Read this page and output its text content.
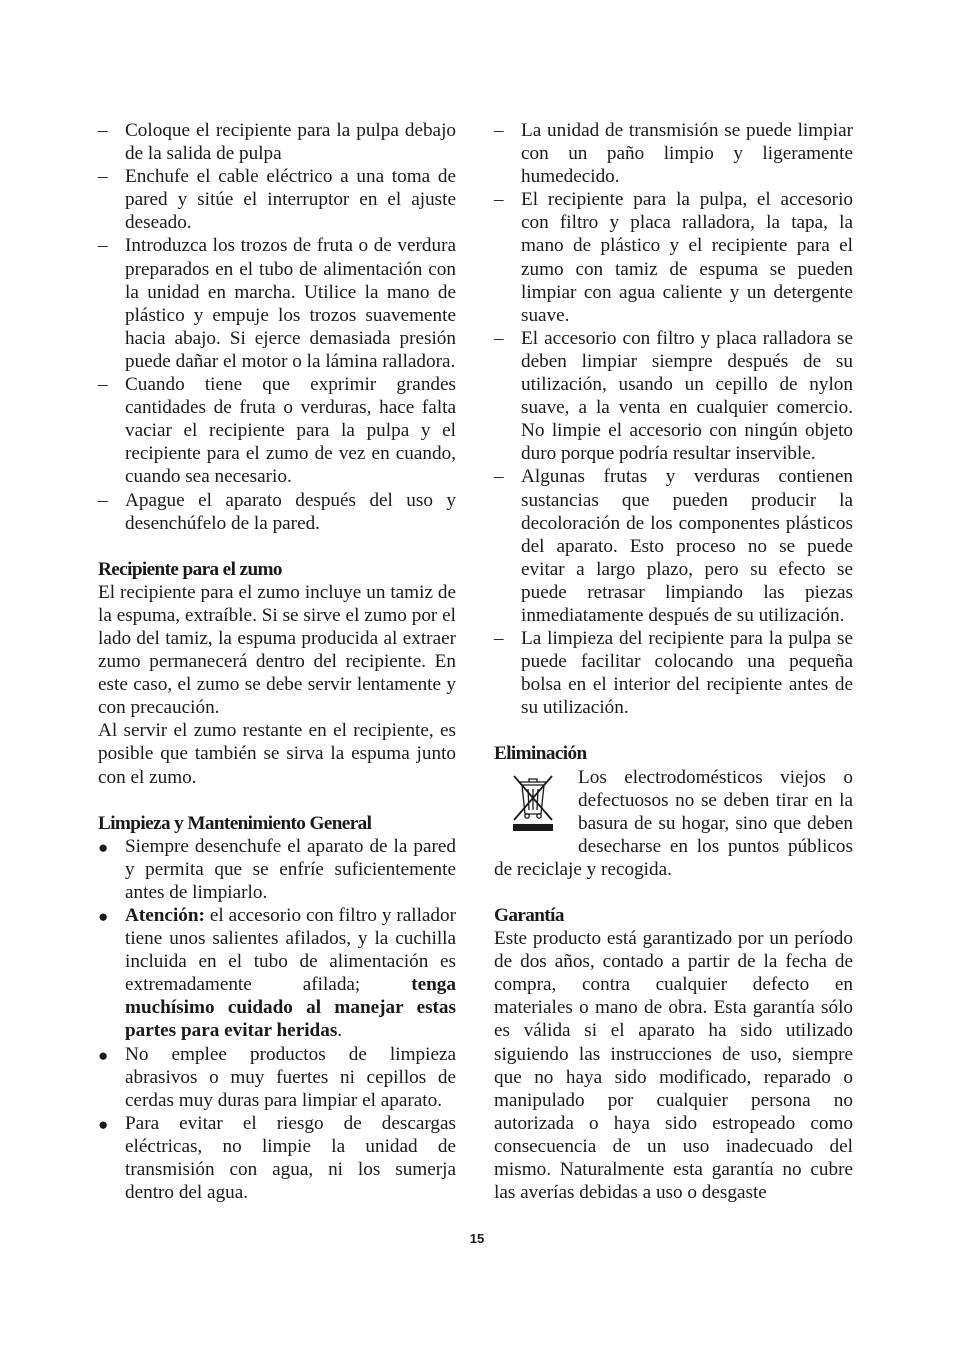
– Coloque el recipiente para la pulpa debajo de la salida de pulpa
– Enchufe el cable eléctrico a una toma de pared y sitúe el interruptor en el ajuste deseado.
– Introduzca los trozos de fruta o de verdura preparados en el tubo de alimentación con la unidad en marcha. Utilice la mano de plástico y empuje los trozos suavemente hacia abajo. Si ejerce demasiada presión puede dañar el motor o la lámina ralladora.
– Cuando tiene que exprimir grandes cantidades de fruta o verduras, hace falta vaciar el recipiente para la pulpa y el recipiente para el zumo de vez en cuando, cuando sea necesario.
– Apague el aparato después del uso y desenchúfelo de la pared.

Recipiente para el zumo

El recipiente para el zumo incluye un tamiz de la espuma, extraíble. Si se sirve el zumo por el lado del tamiz, la espuma producida al extraer zumo permanecerá dentro del recipiente. En este caso, el zumo se debe servir lentamente y con precaución.

Al servir el zumo restante en el recipiente, es posible que también se sirva la espuma junto con el zumo.

Limpieza y Mantenimiento General

● Siempre desenchufe el aparato de la pared y permita que se enfríe suficientemente antes de limpiarlo.
● Atención: el accesorio con filtro y rallador tiene unos salientes afilados, y la cuchilla incluida en el tubo de alimentación es extremadamente afilada; tenga muchísimo cuidado al manejar estas partes para evitar heridas.
● No emplee productos de limpieza abrasivos o muy fuertes ni cepillos de cerdas muy duras para limpiar el aparato.
● Para evitar el riesgo de descargas eléctricas, no limpie la unidad de transmisión con agua, ni los sumerja dentro del agua.
– La unidad de transmisión se puede limpiar con un paño limpio y ligeramente humedecido.
– El recipiente para la pulpa, el accesorio con filtro y placa ralladora, la tapa, la mano de plástico y el recipiente para el zumo con tamiz de espuma se pueden limpiar con agua caliente y un detergente suave.
– El accesorio con filtro y placa ralladora se deben limpiar siempre después de su utilización, usando un cepillo de nylon suave, a la venta en cualquier comercio. No limpie el accesorio con ningún objeto duro porque podría resultar inservible.
– Algunas frutas y verduras contienen sustancias que pueden producir la decoloración de los componentes plásticos del aparato. Esto proceso no se puede evitar a largo plazo, pero su efecto se puede retrasar limpiando las piezas inmediatamente después de su utilización.
– La limpieza del recipiente para la pulpa se puede facilitar colocando una pequeña bolsa en el interior del recipiente antes de su utilización.

Eliminación

Los electrodomésticos viejos o defectuosos no se deben tirar en la basura de su hogar, sino que deben desecharse en los puntos públicos de reciclaje y recogida.

Garantía

Este producto está garantizado por un período de dos años, contado a partir de la fecha de compra, contra cualquier defecto en materiales o mano de obra. Esta garantía sólo es válida si el aparato ha sido utilizado siguiendo las instrucciones de uso, siempre que no haya sido modificado, reparado o manipulado por cualquier persona no autorizada o haya sido estropeado como consecuencia de un uso inadecuado del mismo. Naturalmente esta garantía no cubre las averías debidas a uso o desgaste

15
